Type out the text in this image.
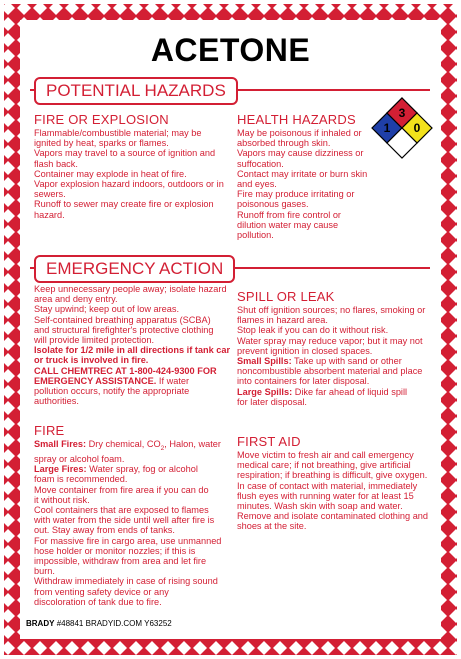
ACETONE
POTENTIAL HAZARDS
FIRE OR EXPLOSION

Flammable/combustible material; may be

ignited by heat, sparks or flames.

Vapors may travel to a source of ignition and

flash back.

Container may explode in heat of fire.

Vapor explosion hazard indoors, outdoors or in

sewers.

Runoff to sewer may create fire or explosion

hazard.

HEALTH HAZARDS

May be poisonous if inhaled or

absorbed through skin.

Vapors may cause dizziness or

suffocation.

Contact may irritate or burn skin

and eyes.

Fire may produce irritating or

poisonous gases.

Runoff from fire control or

dilution water may cause

pollution.

1
3
0
EMERGENCY ACTION

Keep unnecessary people away; isolate hazard

area and deny entry.

Stay upwind; keep out of low areas.

Self-contained breathing apparatus (SCBA)

and structural firefighter's protective clothing

will provide limited protection.

Isolate for 1/2 mile in all directions if tank car

or truck is involved in fire.

CALL CHEMTREC AT 1-800-424-9300 FOR

EMERGENCY ASSISTANCE. If water

pollution occurs, notify the appropriate

authorities.

FIRE

Small Fires: Dry chemical, $CO_2$, Halon, water

spray or alcohol foam.

Large Fires: Water spray, fog or alcohol

foam is recommended.

Move container from fire area if you can do

it without risk.

Cool containers that are exposed to flames

with water from the side until well after fire is

out. Stay away from ends of tanks.

For massive fire in cargo area, use unmanned

hose holder or monitor nozzles; if this is

impossible, withdraw from area and let fire

burn.

Withdraw immediately in case of rising sound

from venting safety device or any

discoloration of tank due to fire.

SPILL OR LEAK

Shut off ignition sources; no flares, smoking or

flames in hazard area.

Stop leak if you can do it without risk.

Water spray may reduce vapor; but it may not

prevent ignition in closed spaces.

Small Spills: Take up with sand or other

noncombustible absorbent material and place

into containers for later disposal.

Large Spills: Dike far ahead of liquid spill

for later disposal.

FIRST AID

Move victim to fresh air and call emergency

medical care; if not breathing, give artificial

respiration; if breathing is difficult, give oxygen.

In case of contact with material, immediately

flush eyes with running water for at least 15

minutes. Wash skin with soap and water.

Remove and isolate contaminated clothing and

shoes at the site.

BRADY #48841 BRADYID.COM Y63252
